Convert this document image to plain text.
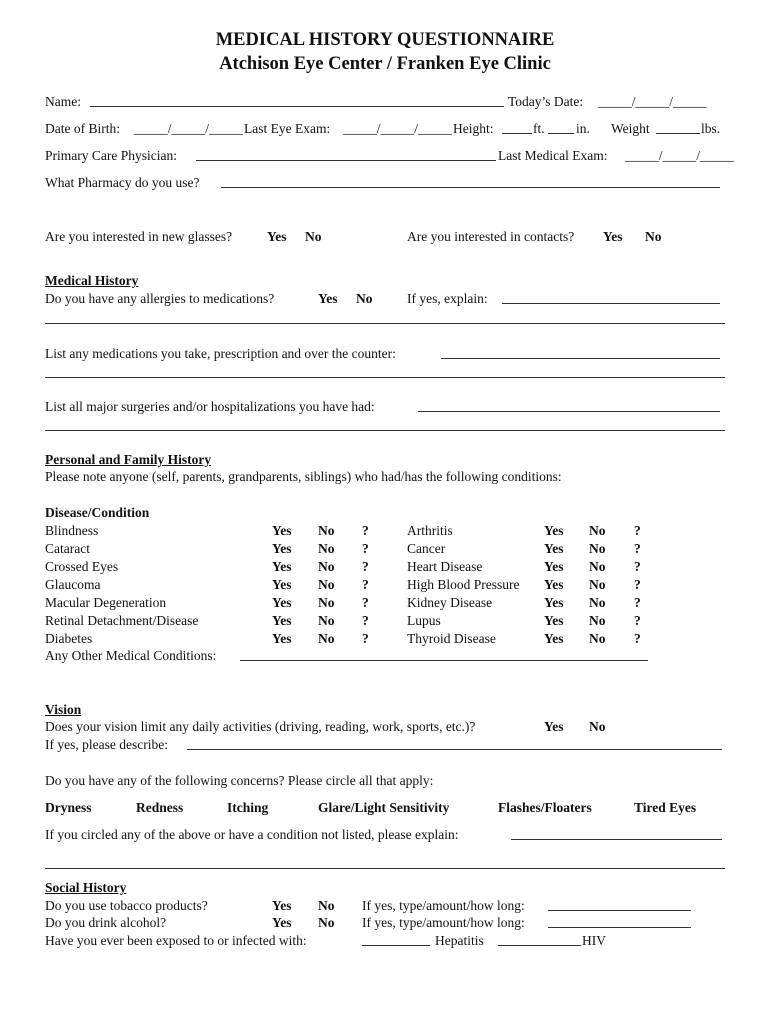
MEDICAL HISTORY QUESTIONNAIRE
Atchison Eye Center / Franken Eye Clinic
Name:	Today’s Date: _____/_____/_____
Date of Birth: _____/_____/_____ Last Eye Exam: _____/_____/_____ Height:	ft. in. Weight	lbs.
Primary Care Physician:	Last Medical Exam: _____/_____/_____
What Pharmacy do you use?
Are you interested in new glasses?	Yes No	Are you interested in contacts? Yes No
Medical History
Do you have any allergies to medications?	Yes No	If yes, explain:
List any medications you take, prescription and over the counter:
List all major surgeries and/or hospitalizations you have had:
Personal and Family History
Please note anyone (self, parents, grandparents, siblings) who had/has the following conditions:
Disease/Condition
Blindness	Yes No ?
Cataract	Yes No ?
Crossed Eyes	Yes No ?
Glaucoma	Yes No ?
Macular Degeneration	Yes No ?
Retinal Detachment/Disease	Yes No ?
Diabetes	Yes No ?
Arthritis	Yes No ?
Cancer	Yes No ?
Heart Disease	Yes No ?
High Blood Pressure Yes No ?
Kidney Disease	Yes No ?
Lupus	Yes No ?
Thyroid Disease	Yes No ?
Any Other Medical Conditions:
Vision
Does your vision limit any daily activities (driving, reading, work, sports, etc.)?	Yes No
If yes, please describe:
Do you have any of the following concerns? Please circle all that apply:
Dryness	Redness	Itching	Glare/Light Sensitivity	Flashes/Floaters	Tired Eyes
If you circled any of the above or have a condition not listed, please explain:
Social History
Do you use tobacco products?	Yes No If yes, type/amount/how long:
Do you drink alcohol?	Yes No If yes, type/amount/how long:
Have you ever been exposed to or infected with:	Hepatitis	HIV
